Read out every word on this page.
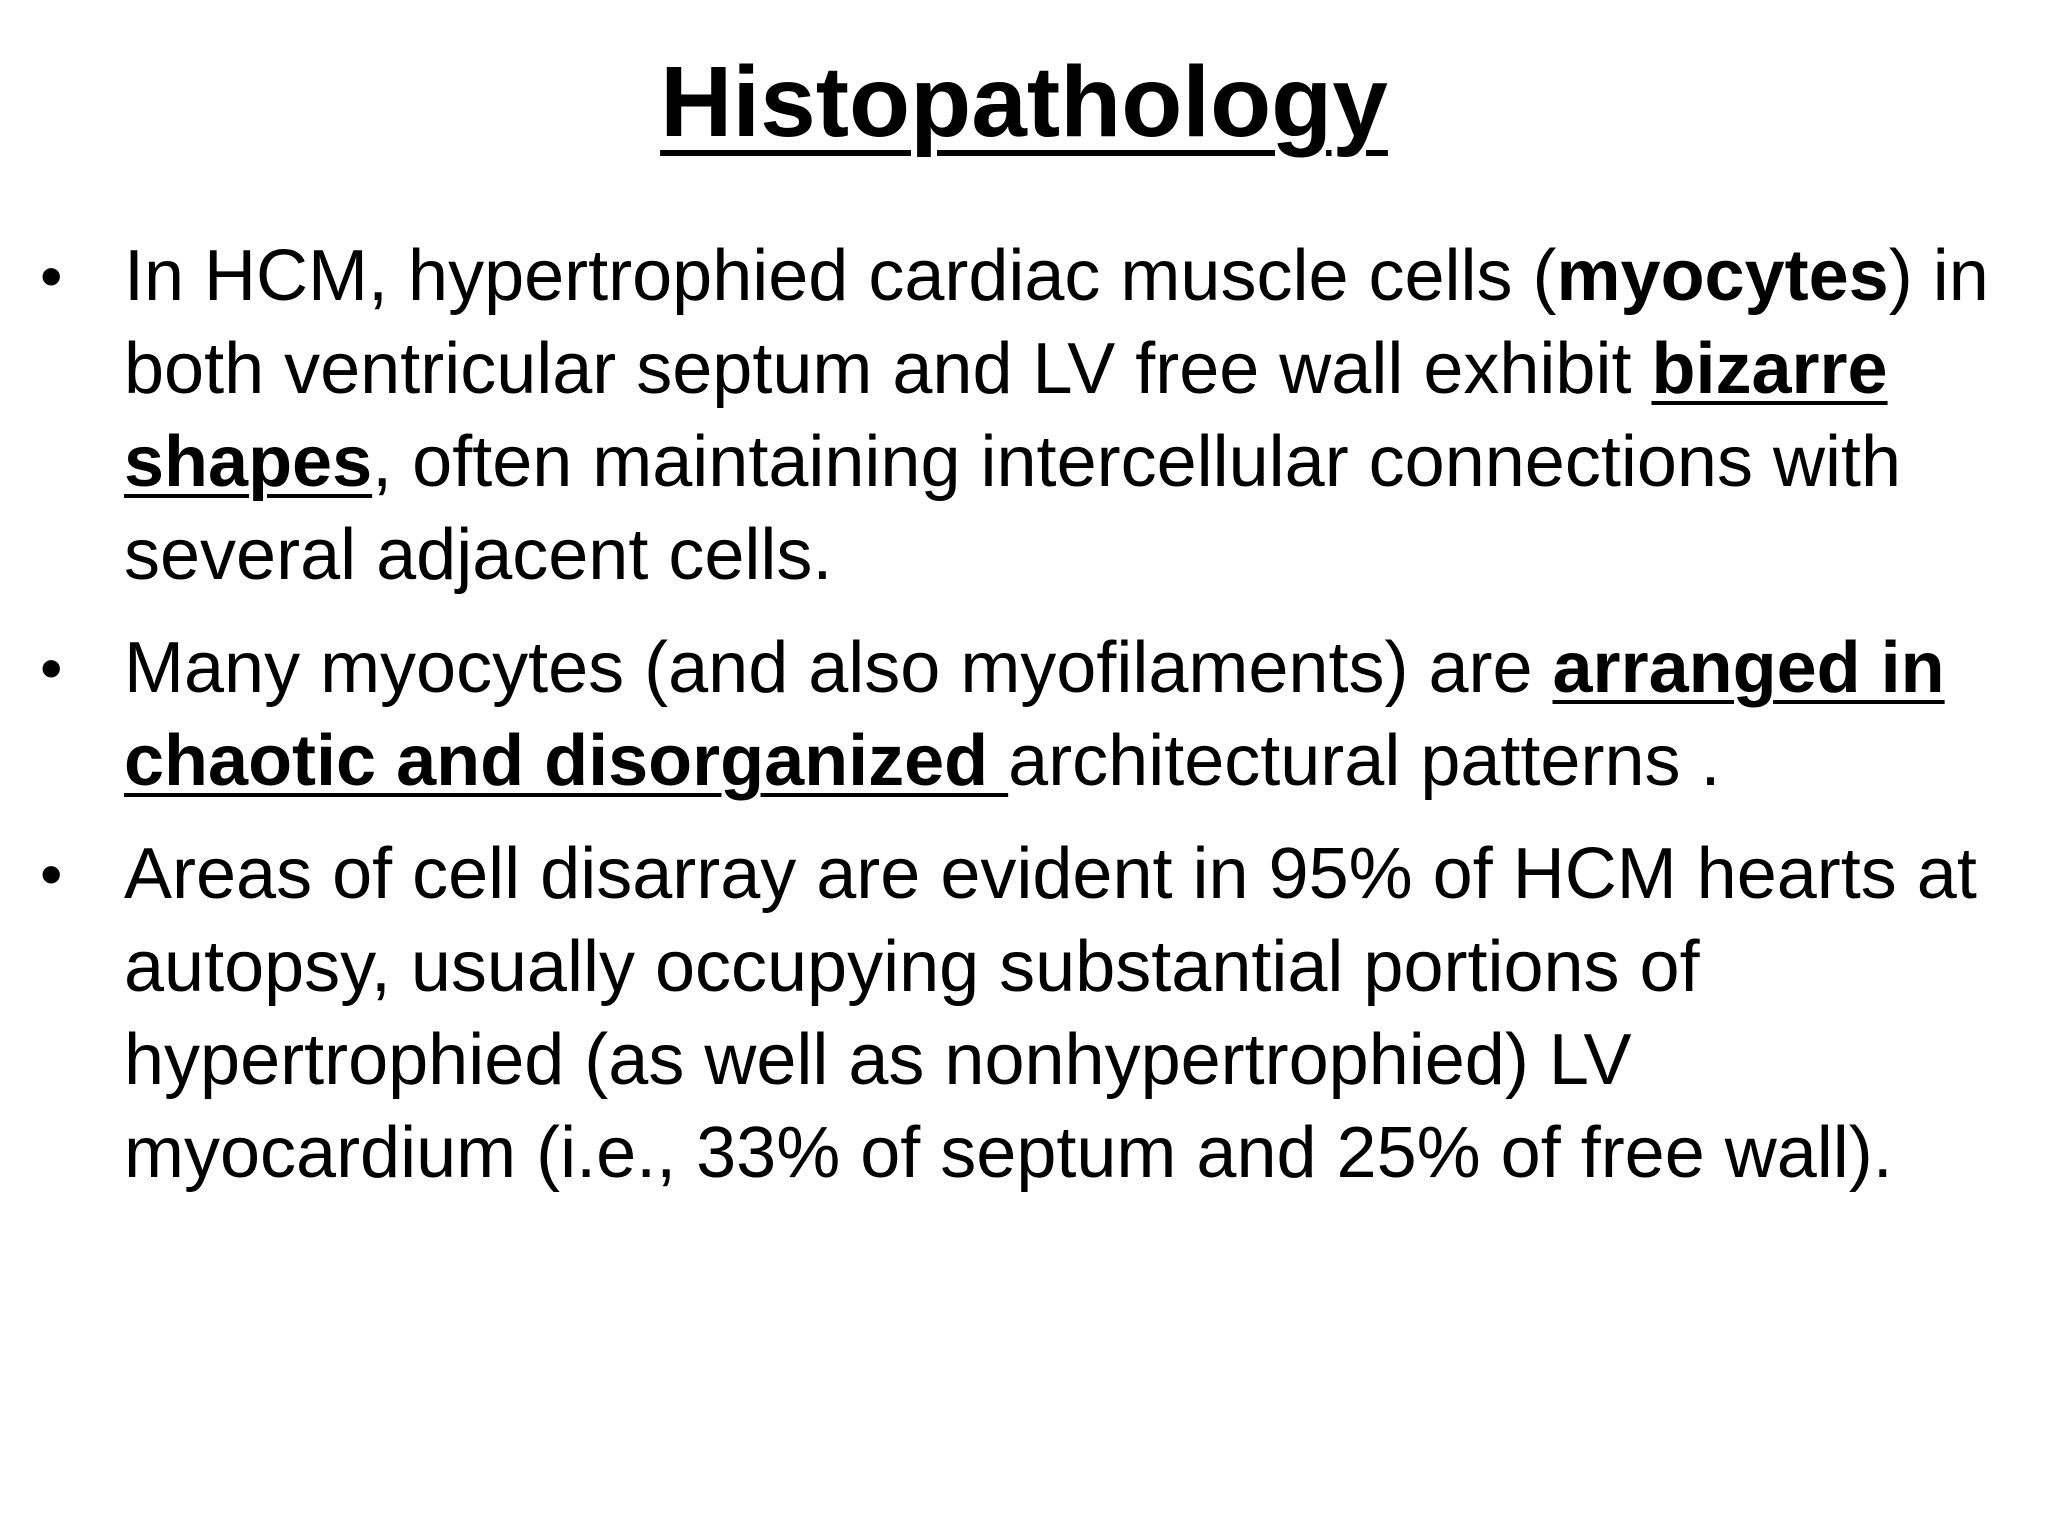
Histopathology
• In HCM, hypertrophied cardiac muscle cells (myocytes) in both ventricular septum and LV free wall exhibit bizarre shapes, often maintaining intercellular connections with several adjacent cells.
• Many myocytes (and also myofilaments) are arranged in chaotic and disorganized architectural patterns .
• Areas of cell disarray are evident in 95% of HCM hearts at autopsy, usually occupying substantial portions of hypertrophied (as well as nonhypertrophied) LV myocardium (i.e., 33% of septum and 25% of free wall).
